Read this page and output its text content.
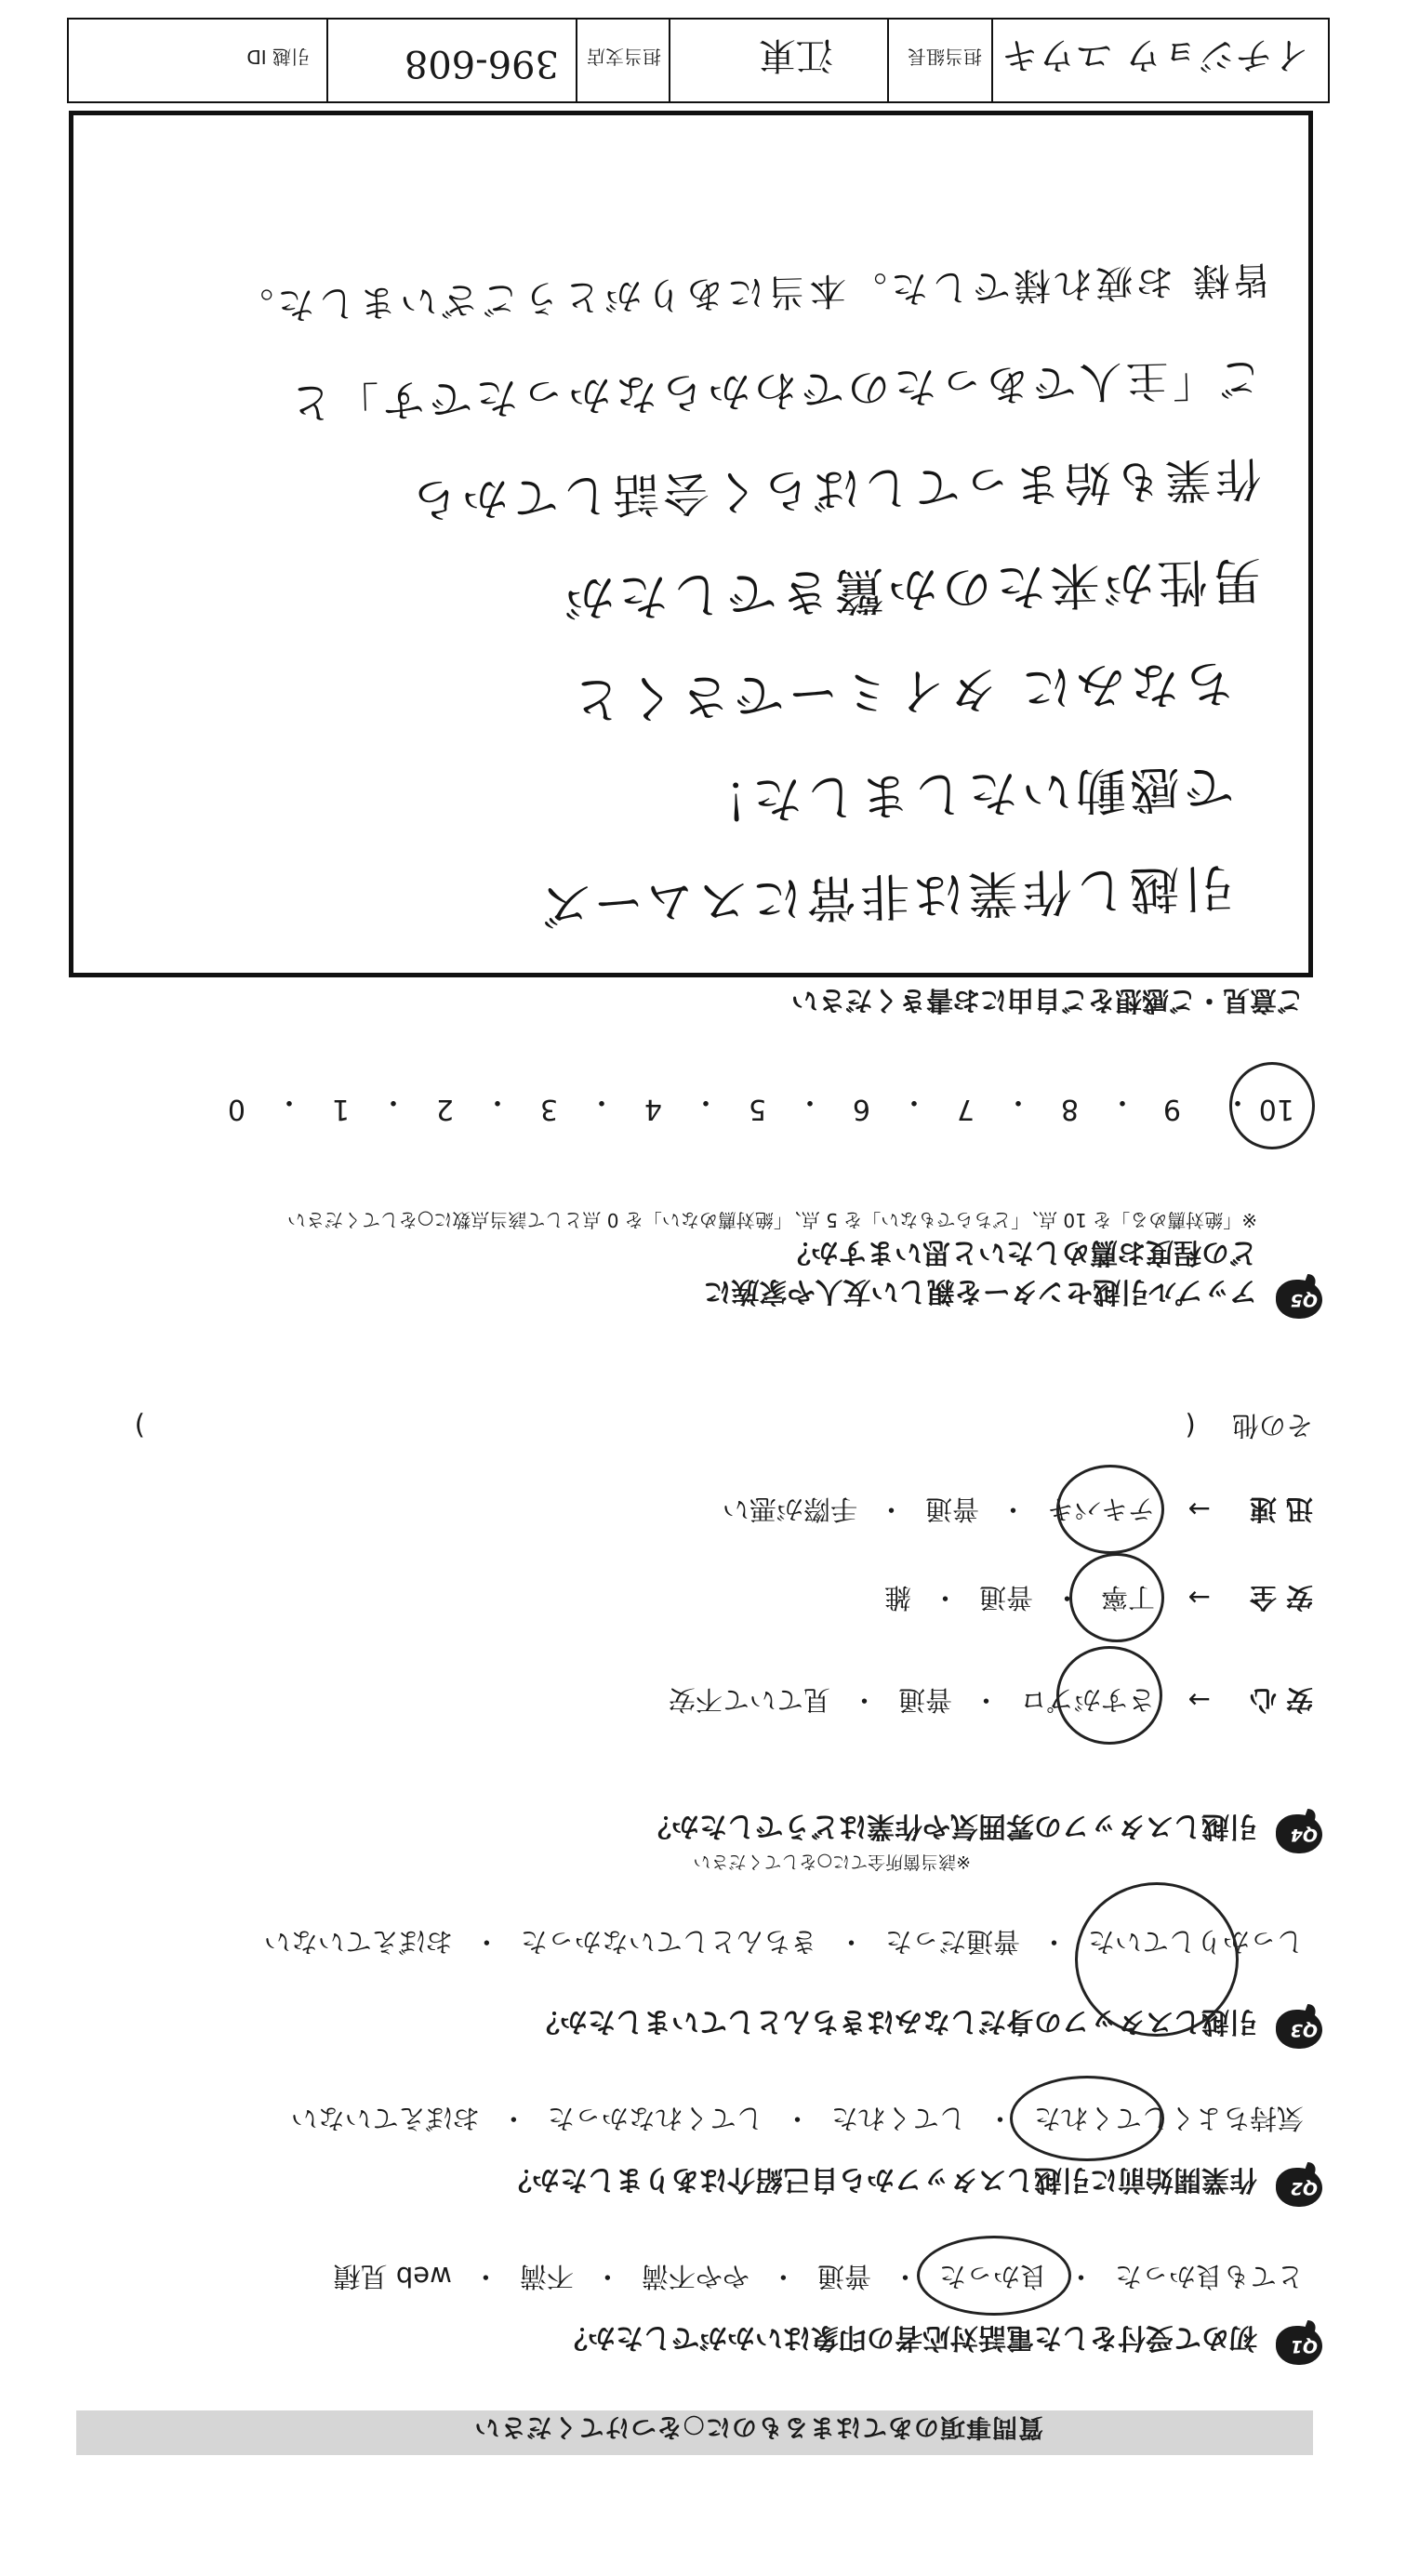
質問事項のあてはまるものに○をつけてください
Q1
初めて受付をした電話対応者の印象はいかがでしたか？
とても良かった・良かった
・普通・やや不満・不満・web 見積
Q2
作業開始前に引越しスタッフから自己紹介はありましたか？
気持ちよくしてくれた
・してくれた・してくれなかった・おぼえていない
Q3
引越しスタッフの身だしなみはきちんとしていましたか？
しっかりしていた
・普通だった・きちんとしていなかった・おぼえていない
Q4
引越しスタッフの雰囲気や作業はどうでしたか？
※該当箇所全てに○をしてください
安心→さすがプロ
・普通・見ていて不安
安全→丁寧
・普通・雑
迅速→テキパキ
・普通・手際が悪い
その他 (  )
Q5
アップル引越センターを親しい友人や家族に
どの程度お薦めしたいと思いますか？
※「絶対薦める」を 10 点、「どちらでもない」を 5 点、「絶対薦めない」を 0 点として該当点数に○をしてください
10
・
9
・
8
・
7
・
6
・
5
・
4
・
3
・
2
・
1
・
0
ご意見・ご感想をご自由にお書きください
引越し作業は非常にスムーズ
で感動いたしました！
ちなみに タイミーでさくと
男性が来たのか驚きでしたが
作業も始まってしばらく会話してから
ご「主人であったのでわからなかったです」と
皆様 お疲れ様でした。本当にありがとうございました。
イチジョウ ユウキ
担当組長
江東
担当支店
396-608
引越 ID
